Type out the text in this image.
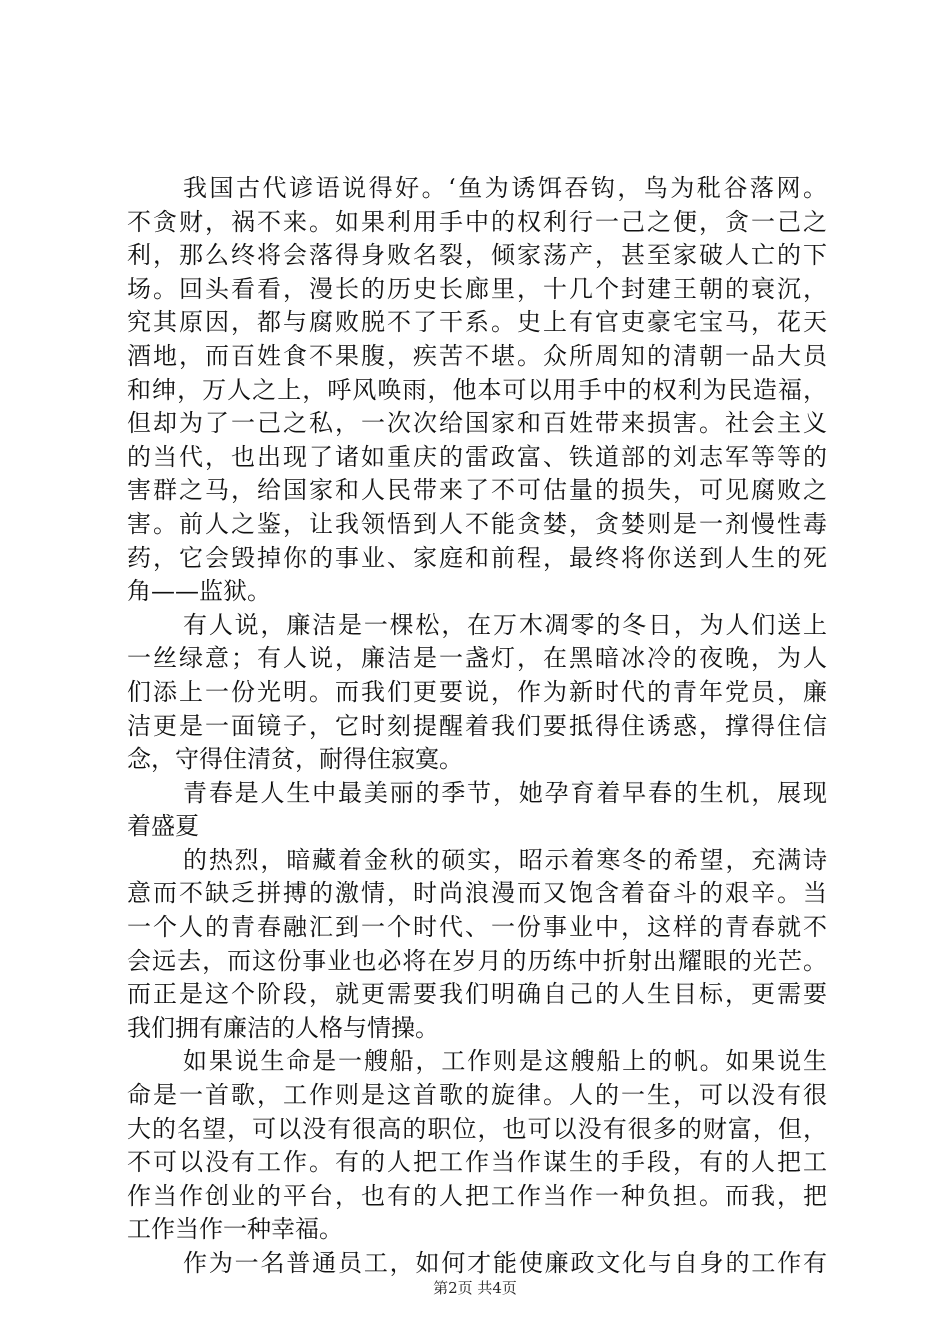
我国古代谚语说得好。‘鱼为诱饵吞钩，鸟为秕谷落网。
不贪财，祸不来。如果利用手中的权利行一己之便，贪一己之
利，那么终将会落得身败名裂，倾家荡产，甚至家破人亡的下
场。回头看看，漫长的历史长廊里，十几个封建王朝的衰沉，
究其原因，都与腐败脱不了干系。史上有官吏豪宅宝马，花天
酒地，而百姓食不果腹，疾苦不堪。众所周知的清朝一品大员
和绅，万人之上，呼风唤雨，他本可以用手中的权利为民造福，
但却为了一己之私，一次次给国家和百姓带来损害。社会主义
的当代，也出现了诸如重庆的雷政富、铁道部的刘志军等等的
害群之马，给国家和人民带来了不可估量的损失，可见腐败之
害。前人之鉴，让我领悟到人不能贪婪，贪婪则是一剂慢性毒
药，它会毁掉你的事业、家庭和前程，最终将你送到人生的死
角——监狱。
有人说，廉洁是一棵松，在万木凋零的冬日，为人们送上
一丝绿意；有人说，廉洁是一盏灯，在黑暗冰冷的夜晚，为人
们添上一份光明。而我们更要说，作为新时代的青年党员，廉
洁更是一面镜子，它时刻提醒着我们要抵得住诱惑，撑得住信
念，守得住清贫，耐得住寂寞。
青春是人生中最美丽的季节，她孕育着早春的生机，展现
着盛夏
的热烈，暗藏着金秋的硕实，昭示着寒冬的希望，充满诗
意而不缺乏拼搏的激情，时尚浪漫而又饱含着奋斗的艰辛。当
一个人的青春融汇到一个时代、一份事业中，这样的青春就不
会远去，而这份事业也必将在岁月的历练中折射出耀眼的光芒。
而正是这个阶段，就更需要我们明确自己的人生目标，更需要
我们拥有廉洁的人格与情操。
如果说生命是一艘船，工作则是这艘船上的帆。如果说生
命是一首歌，工作则是这首歌的旋律。人的一生，可以没有很
大的名望，可以没有很高的职位，也可以没有很多的财富，但，
不可以没有工作。有的人把工作当作谋生的手段，有的人把工
作当作创业的平台，也有的人把工作当作一种负担。而我，把
工作当作一种幸福。
作为一名普通员工，如何才能使廉政文化与自身的工作有
第2页 共4页
